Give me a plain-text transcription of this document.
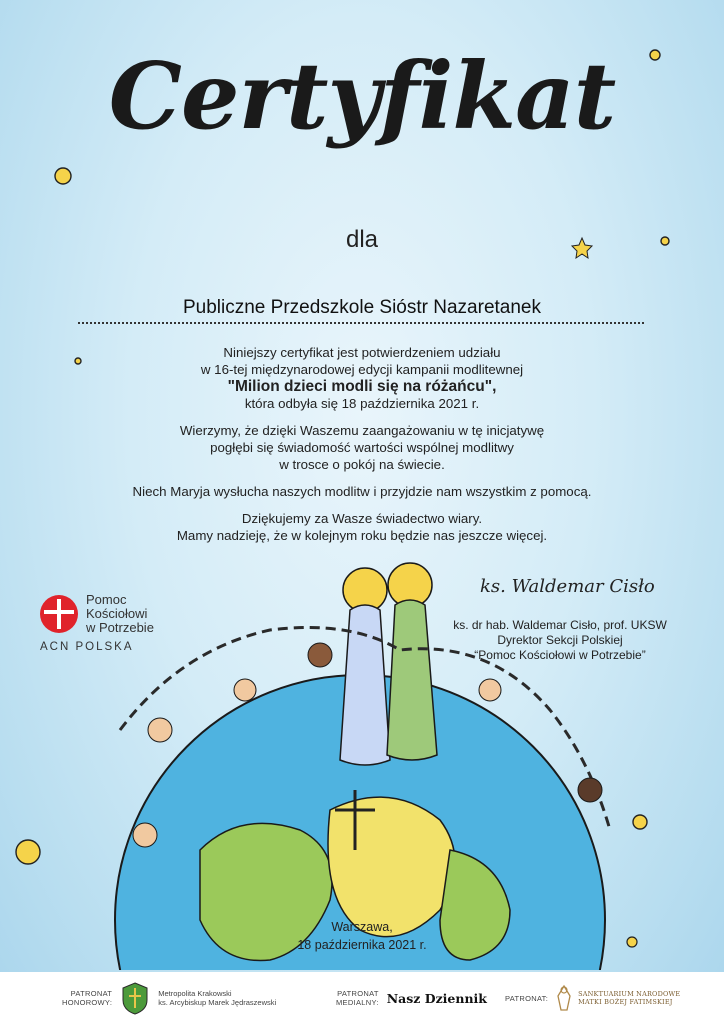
Certyfikat
dla
Publiczne Przedszkole Sióstr Nazaretanek

Niniejszy certyfikat jest potwierdzeniem udziału
w 16-tej międzynarodowej edycji kampanii modlitewnej
"Milion dzieci modli się na różańcu",
która odbyła się 18 października 2021 r.

Wierzymy, że dzięki Waszemu zaangażowaniu w tę inicjatywę
pogłębi się świadomość wartości wspólnej modlitwy
w trosce o pokój na świecie.

Niech Maryja wysłucha naszych modlitw i przyjdzie nam wszystkim z pomocą.

Dziękujemy za Wasze świadectwo wiary.
Mamy nadzieję, że w kolejnym roku będzie nas jeszcze więcej.

Pomoc
Kościołowi
w Potrzebie
ACN POLSKA
ks. Waldemar Cisło
ks. dr hab. Waldemar Cisło, prof. UKSW
Dyrektor Sekcji Polskiej
“Pomoc Kościołowi w Potrzebie”
Warszawa,
18 października 2021 r.
PATRONAT
HONOROWY:
Metropolita Krakowski
ks. Arcybiskup Marek Jędraszewski
PATRONAT
MEDIALNY: Nasz Dziennik PATRONAT:	SANKTUARIUM NARODOWE
MATKI BOŻEJ FATIMSKIEJ
